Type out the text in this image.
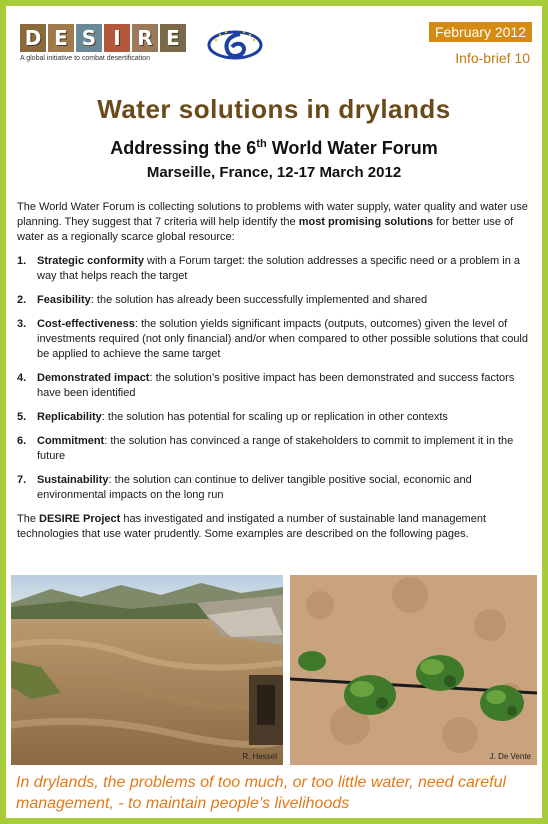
D E S I R E
A global initiative to combat desertification
February 2012
Info-brief 10
Water solutions in drylands
Addressing the 6th World Water Forum
Marseille, France, 12-17 March 2012

The World Water Forum is collecting solutions to problems with water supply, water quality and water use planning. They suggest that 7 criteria will help identify the most promising solutions for better use of water as a regionally scarce global resource:

1. Strategic conformity with a Forum target: the solution addresses a specific need or a problem in a way that helps reach the target
2. Feasibility: the solution has already been successfully implemented and shared
3. Cost-effectiveness: the solution yields significant impacts (outputs, outcomes) given the level of investments required (not only financial) and/or when compared to other possible solutions that could be applied to achieve the same target
4. Demonstrated impact: the solution’s positive impact has been demonstrated and success factors have been identified
5. Replicability: the solution has potential for scaling up or replication in other contexts
6. Commitment: the solution has convinced a range of stakeholders to commit to implement it in the future
7. Sustainability: the solution can continue to deliver tangible positive social, economic and environmental impacts on the long run

The DESIRE Project has investigated and instigated a number of sustainable land management technologies that use water prudently. Some examples are described on the following pages.

R. Hessel	J. De Vente
In drylands, the problems of too much, or too little water, need careful management, - to maintain people’s livelihoods
